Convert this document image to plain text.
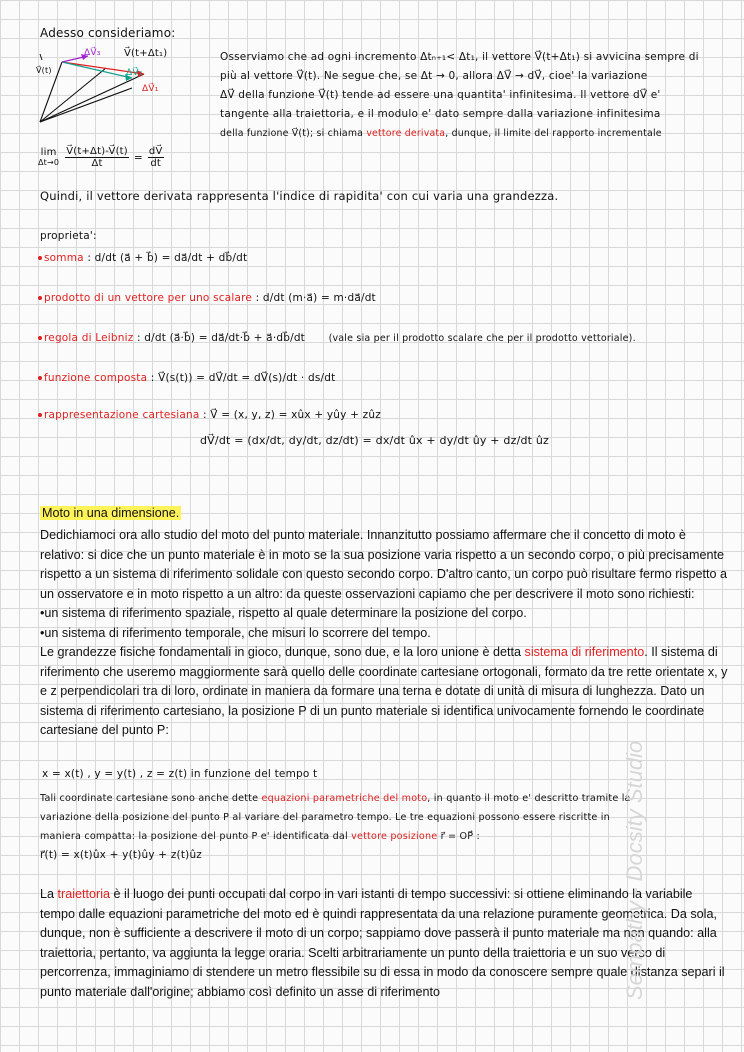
Adesso consideriamo:
V⃗(t)
ΔV⃗₃ V⃗(t+Δt₁)
ΔV⃗₂
ΔV⃗₁
Osserviamo che ad ogni incremento Δtₙ₊₁< Δt₁, il vettore V⃗(t+Δt₁) si avvicina sempre di
più al vettore V⃗(t). Ne segue che, se Δt → 0, allora ΔV⃗ → dV⃗, cioe' la variazione
ΔV⃗ della funzione V⃗(t) tende ad essere una quantita' infinitesima. Il vettore dV⃗ e'
tangente alla traiettoria, e il modulo e' dato sempre dalla variazione infinitesima
della funzione V⃗(t); si chiama vettore derivata, dunque, il limite del rapporto incrementale
lim
$\Delta t\to 0 \frac{V⃗(t+\Delta t)-V⃗(t)}{\Delta t} = \frac{dV⃗}{dt}$
Quindi, il vettore derivata rappresenta l'indice di rapidita' con cui varia una grandezza.
proprieta':
somma : d/dt (a⃗ + b⃗) = da⃗/dt + db⃗/dt
prodotto di un vettore per uno scalare : d/dt (m·a⃗) = m·da⃗/dt
regola di Leibniz : d/dt (a⃗·b⃗) = da⃗/dt·b⃗ + a⃗·db⃗/dt (vale sia per il prodotto scalare che per il prodotto vettoriale).
funzione composta : V⃗(s(t)) = dV⃗/dt = dV⃗(s)/dt · ds/dt
rappresentazione cartesiana : V⃗ = (x, y, z) = xûx + yûy + zûz
dV⃗/dt = (dx/dt, dy/dt, dz/dt) = dx/dt ûx + dy/dt ûy + dz/dt ûz
Moto in una dimensione.

Dedichiamoci ora allo studio del moto del punto materiale. Innanzitutto possiamo affermare che il concetto di moto è relativo: si dice che un punto materiale è in moto se la sua posizione varia rispetto a un secondo corpo, o più precisamente rispetto a un sistema di riferimento solidale con questo secondo corpo. D'altro canto, un corpo può risultare fermo rispetto a un osservatore e in moto rispetto a un altro: da queste osservazioni capiamo che per descrivere il moto sono richiesti:

•un sistema di riferimento spaziale, rispetto al quale determinare la posizione del corpo.

•un sistema di riferimento temporale, che misuri lo scorrere del tempo.

Le grandezze fisiche fondamentali in gioco, dunque, sono due, e la loro unione è detta sistema di riferimento. Il sistema di riferimento che useremo maggiormente sarà quello delle coordinate cartesiane ortogonali, formato da tre rette orientate x, y e z perpendicolari tra di loro, ordinate in maniera da formare una terna e dotate di unità di misura di lunghezza. Dato un sistema di riferimento cartesiano, la posizione P di un punto materiale si identifica univocamente fornendo le coordinate cartesiane del punto P:

x = x(t) , y = y(t) , z = z(t) in funzione del tempo t
Tali coordinate cartesiane sono anche dette equazioni parametriche del moto, in quanto il moto e' descritto tramite la
variazione della posizione del punto P al variare del parametro tempo. Le tre equazioni possono essere riscritte in
maniera compatta: la posizione del punto P e' identificata dal vettore posizione r⃗ = OP⃗ :
r⃗(t) = x(t)ûx + y(t)ûy + z(t)ûz

La traiettoria è il luogo dei punti occupati dal corpo in vari istanti di tempo successivi: si ottiene eliminando la variabile tempo dalle equazioni parametriche del moto ed è quindi rappresentata da una relazione puramente geometrica. Da sola, dunque, non è sufficiente a descrivere il moto di un corpo; sappiamo dove passerà il punto materiale ma non quando: alla traiettoria, pertanto, va aggiunta la legge oraria. Scelti arbitrariamente un punto della traiettoria e un suo verso di percorrenza, immaginiamo di stendere un metro flessibile su di essa in modo da conoscere sempre quale distanza separi il punto materiale dall'origine; abbiamo così definito un asse di riferimento	Sempathy - Docsity Studio
